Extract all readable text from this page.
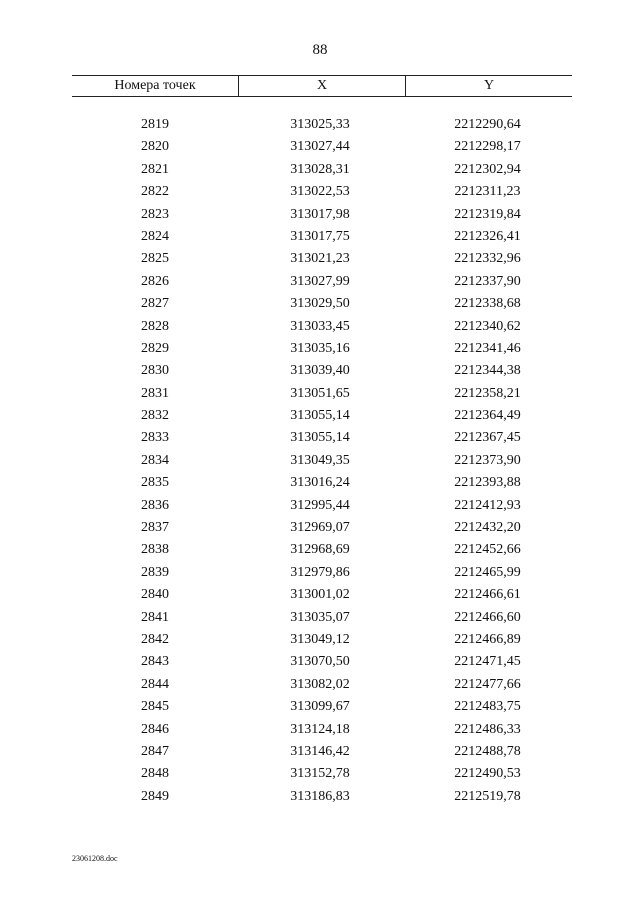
88
Номера точек	X	Y
2819	313025,33	2212290,64
2820	313027,44	2212298,17
2821	313028,31	2212302,94
2822	313022,53	2212311,23
2823	313017,98	2212319,84
2824	313017,75	2212326,41
2825	313021,23	2212332,96
2826	313027,99	2212337,90
2827	313029,50	2212338,68
2828	313033,45	2212340,62
2829	313035,16	2212341,46
2830	313039,40	2212344,38
2831	313051,65	2212358,21
2832	313055,14	2212364,49
2833	313055,14	2212367,45
2834	313049,35	2212373,90
2835	313016,24	2212393,88
2836	312995,44	2212412,93
2837	312969,07	2212432,20
2838	312968,69	2212452,66
2839	312979,86	2212465,99
2840	313001,02	2212466,61
2841	313035,07	2212466,60
2842	313049,12	2212466,89
2843	313070,50	2212471,45
2844	313082,02	2212477,66
2845	313099,67	2212483,75
2846	313124,18	2212486,33
2847	313146,42	2212488,78
2848	313152,78	2212490,53
2849	313186,83	2212519,78
23061208.doc
